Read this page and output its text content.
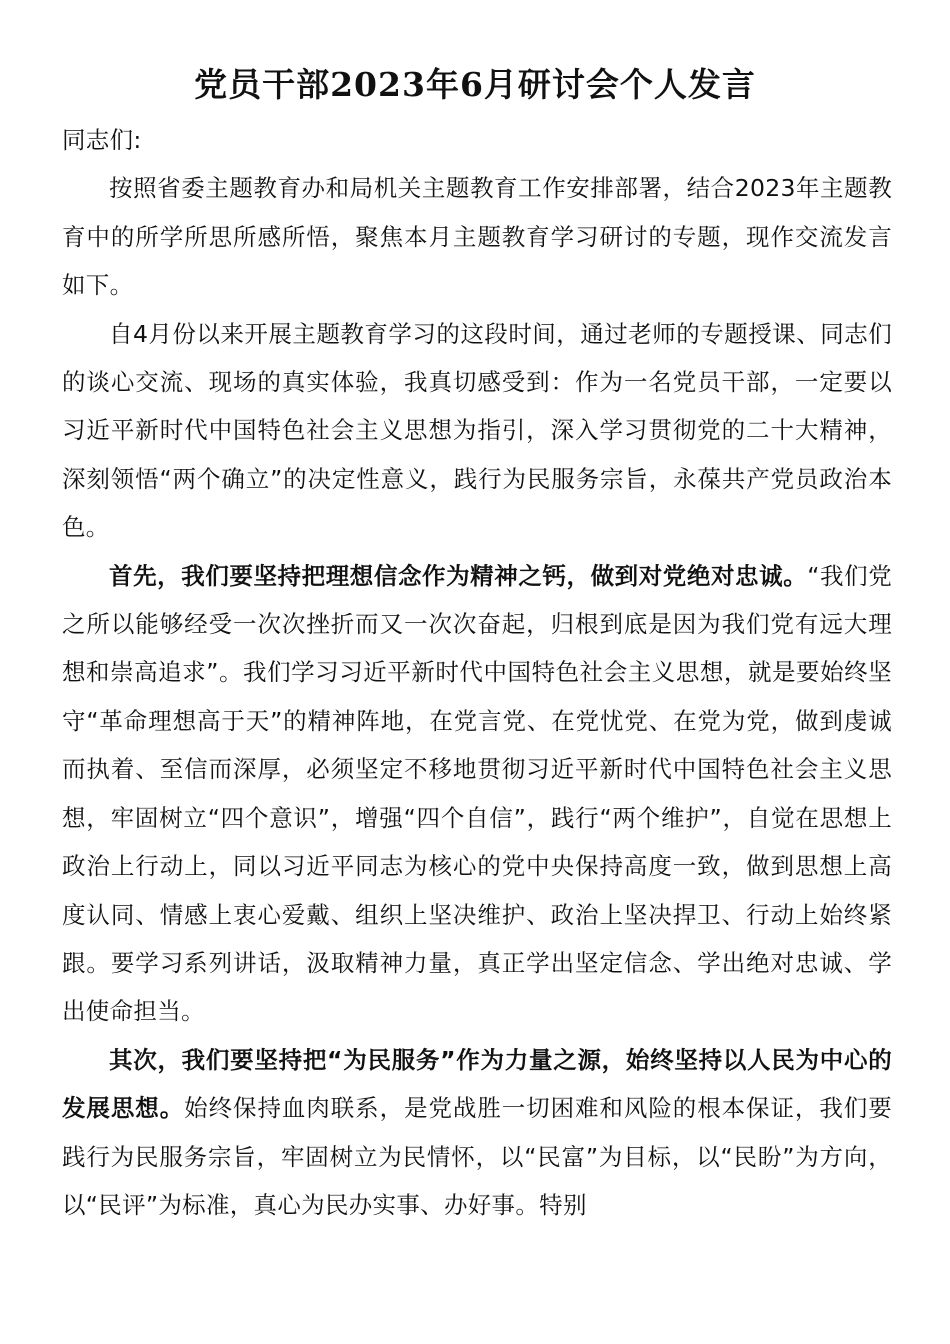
党员干部2023年6月研讨会个人发言

同志们:

按照省委主题教育办和局机关主题教育工作安排部署，结合2023年主题教育中的所学所思所感所悟，聚焦本月主题教育学习研讨的专题，现作交流发言如下。

自4月份以来开展主题教育学习的这段时间，通过老师的专题授课、同志们的谈心交流、现场的真实体验，我真切感受到：作为一名党员干部，一定要以习近平新时代中国特色社会主义思想为指引，深入学习贯彻党的二十大精神，深刻领悟“两个确立”的决定性意义，践行为民服务宗旨，永葆共产党员政治本色。

首先，我们要坚持把理想信念作为精神之钙，做到对党绝对忠诚。“我们党之所以能够经受一次次挫折而又一次次奋起，归根到底是因为我们党有远大理想和崇高追求”。我们学习习近平新时代中国特色社会主义思想，就是要始终坚守“革命理想高于天”的精神阵地，在党言党、在党忧党、在党为党，做到虔诚而执着、至信而深厚，必须坚定不移地贯彻习近平新时代中国特色社会主义思想，牢固树立“四个意识”，增强“四个自信”，践行“两个维护”，自觉在思想上政治上行动上，同以习近平同志为核心的党中央保持高度一致，做到思想上高度认同、情感上衷心爱戴、组织上坚决维护、政治上坚决捍卫、行动上始终紧跟。要学习系列讲话，汲取精神力量，真正学出坚定信念、学出绝对忠诚、学出使命担当。

其次，我们要坚持把“为民服务”作为力量之源，始终坚持以人民为中心的发展思想。始终保持血肉联系，是党战胜一切困难和风险的根本保证，我们要践行为民服务宗旨，牢固树立为民情怀，以“民富”为目标，以“民盼”为方向，以“民评”为标准，真心为民办实事、办好事。特别
